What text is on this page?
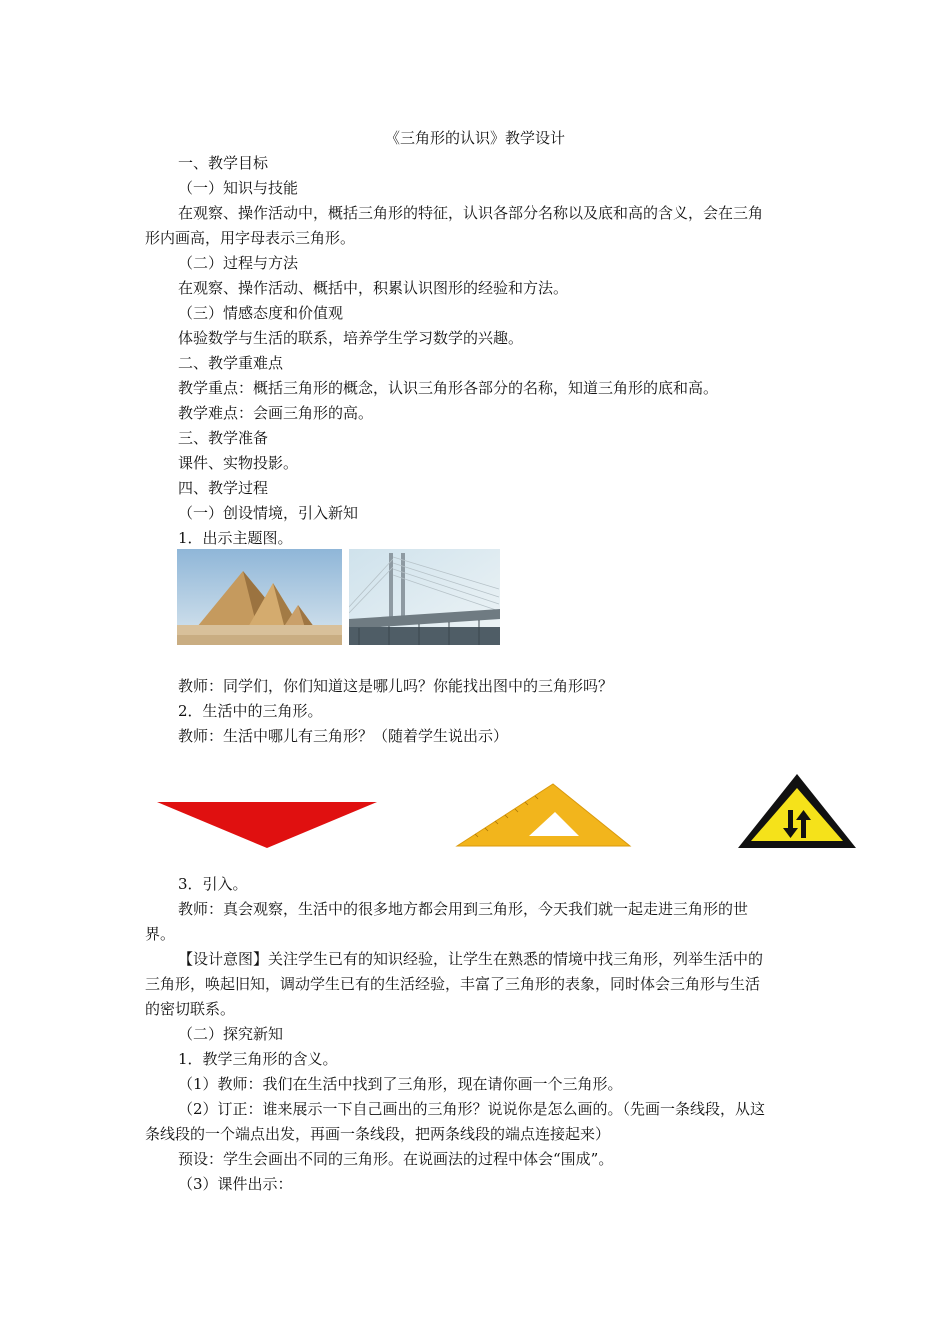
《三角形的认识》教学设计
一、教学目标
（一）知识与技能
在观察、操作活动中，概括三角形的特征，认识各部分名称以及底和高的含义，会在三角
形内画高，用字母表示三角形。
（二）过程与方法
在观察、操作活动、概括中，积累认识图形的经验和方法。
（三）情感态度和价值观
体验数学与生活的联系，培养学生学习数学的兴趣。
二、教学重难点
教学重点：概括三角形的概念，认识三角形各部分的名称，知道三角形的底和高。
教学难点：会画三角形的高。
三、教学准备
课件、实物投影。
四、教学过程
（一）创设情境，引入新知
1．出示主题图。
教师：同学们，你们知道这是哪儿吗？你能找出图中的三角形吗？
2．生活中的三角形。
教师：生活中哪儿有三角形？（随着学生说出示）
3．引入。
教师：真会观察，生活中的很多地方都会用到三角形，今天我们就一起走进三角形的世
界。
【设计意图】关注学生已有的知识经验，让学生在熟悉的情境中找三角形，列举生活中的
三角形，唤起旧知，调动学生已有的生活经验，丰富了三角形的表象，同时体会三角形与生活
的密切联系。
（二）探究新知
1．教学三角形的含义。
（1）教师：我们在生活中找到了三角形，现在请你画一个三角形。
（2）订正：谁来展示一下自己画出的三角形？说说你是怎么画的。（先画一条线段，从这
条线段的一个端点出发，再画一条线段，把两条线段的端点连接起来）
预设：学生会画出不同的三角形。在说画法的过程中体会“围成”。
（3）课件出示：
